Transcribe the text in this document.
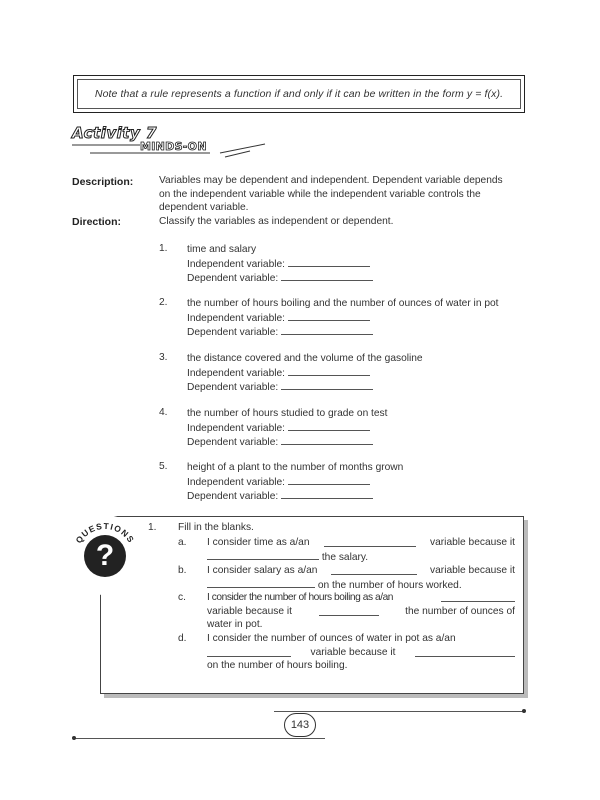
Note that a rule represents a function if and only if it can be written in the form y = f(x) .
Activity 7
MINDS-ON
Description:	Variables may be dependent and independent. Dependent variable depends
on the independent variable while the independent variable controls the
dependent variable.
Direction:	Classify the variables as independent or dependent.
1. time and salary
Independent variable:
Dependent variable:
2. the number of hours boiling and the number of ounces of water in pot
Independent variable:
Dependent variable:
3. the distance covered and the volume of the gasoline
Independent variable:
Dependent variable:
4. the number of hours studied to grade on test
Independent variable:
Dependent variable:
5. height of a plant to the number of months grown
Independent variable:
Dependent variable:
QUESTIONS
?
1. Fill in the blanks.
a. I consider time as a/an	variable because it
the salary.
b. I consider salary as a/an	variable because it
on the number of hours worked.
c. I consider the number of hours boiling as a/an
variable because it	the number of ounces of
water in pot.
d. I consider the number of ounces of water in pot as a/an
variable because it
on the number of hours boiling.
143
